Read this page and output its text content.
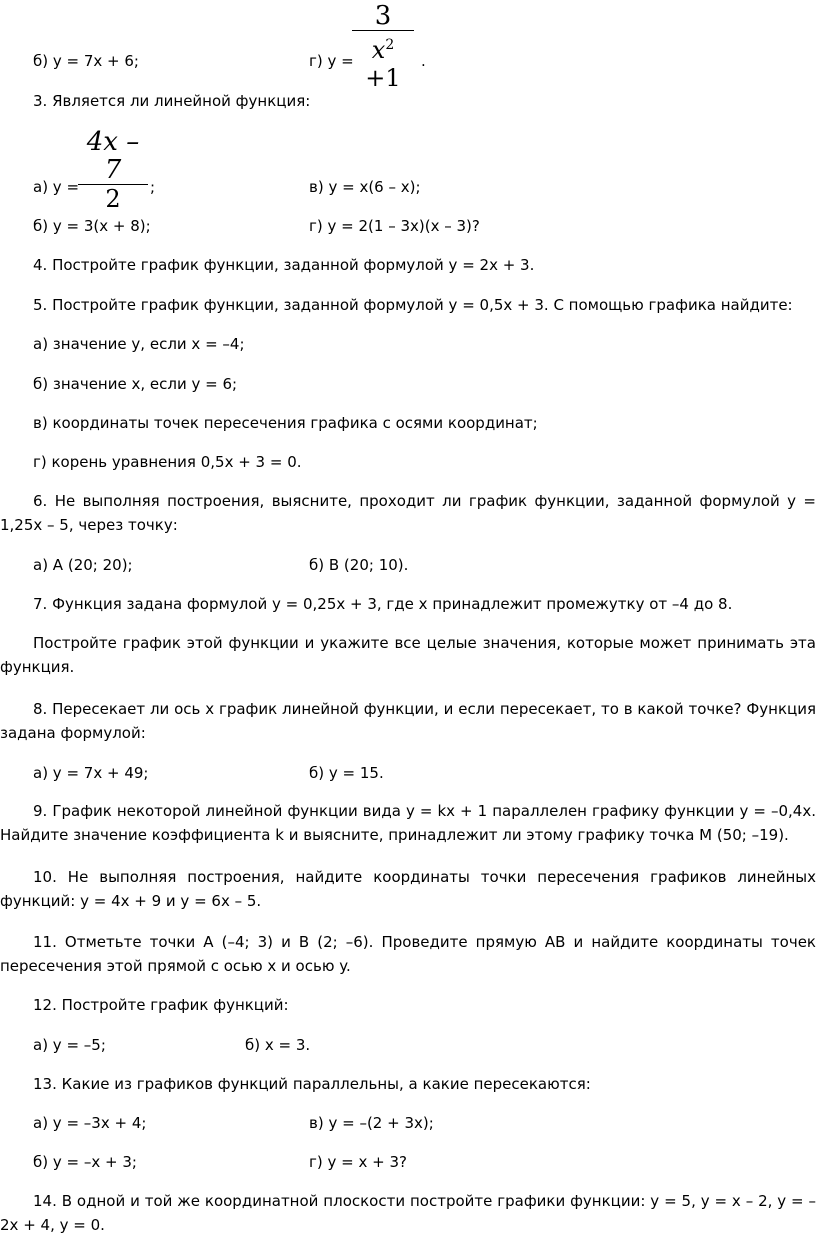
б) y = 7x + 6;	г) y =
3
$x^2 +1$
.
3. Является ли линейной функция:
4x – 7
2
а) y =	;	в) y = x(6 – x);
б) y = 3(x + 8);	г) y = 2(1 – 3x)(x – 3)?
4. Постройте график функции, заданной формулой y = 2x + 3.
5. Постройте график функции, заданной формулой y = 0,5x + 3. С помощью графика найдите:
а) значение y, если x = –4;
б) значение x, если y = 6;
в) координаты точек пересечения графика с осями координат;
г) корень уравнения 0,5x + 3 = 0.
6. Не выполняя построения, выясните, проходит ли график функции, заданной формулой y = 1,25x – 5, через точку:
а) A (20; 20);	б) B (20; 10).
7. Функция задана формулой y = 0,25x + 3, где x принадлежит промежутку от –4 до 8.
Постройте график этой функции и укажите все целые значения, которые может принимать эта функция.
8. Пересекает ли ось x график линейной функции, и если пересекает, то в какой точке? Функция задана формулой:
а) y = 7x + 49;	б) y = 15.
9. График некоторой линейной функции вида y = kx + 1 параллелен графику функции y = –0,4x. Найдите значение коэффициента k и выясните, принадлежит ли этому графику точка M (50; –19).
10. Не выполняя построения, найдите координаты точки пересечения графиков линейных функций: y = 4x + 9 и y = 6x – 5.
11. Отметьте точки A (–4; 3) и B (2; –6). Проведите прямую AB и найдите координаты точек пересечения этой прямой с осью x и осью y.
12. Постройте график функций:
а) y = –5;	б) x = 3.
13. Какие из графиков функций параллельны, а какие пересекаются:
а) y = –3x + 4;	в) y = –(2 + 3x);
б) y = –x + 3;	г) y = x + 3?
14. В одной и той же координатной плоскости постройте графики функции: y = 5, y = x – 2, y = –2x + 4, y = 0.
